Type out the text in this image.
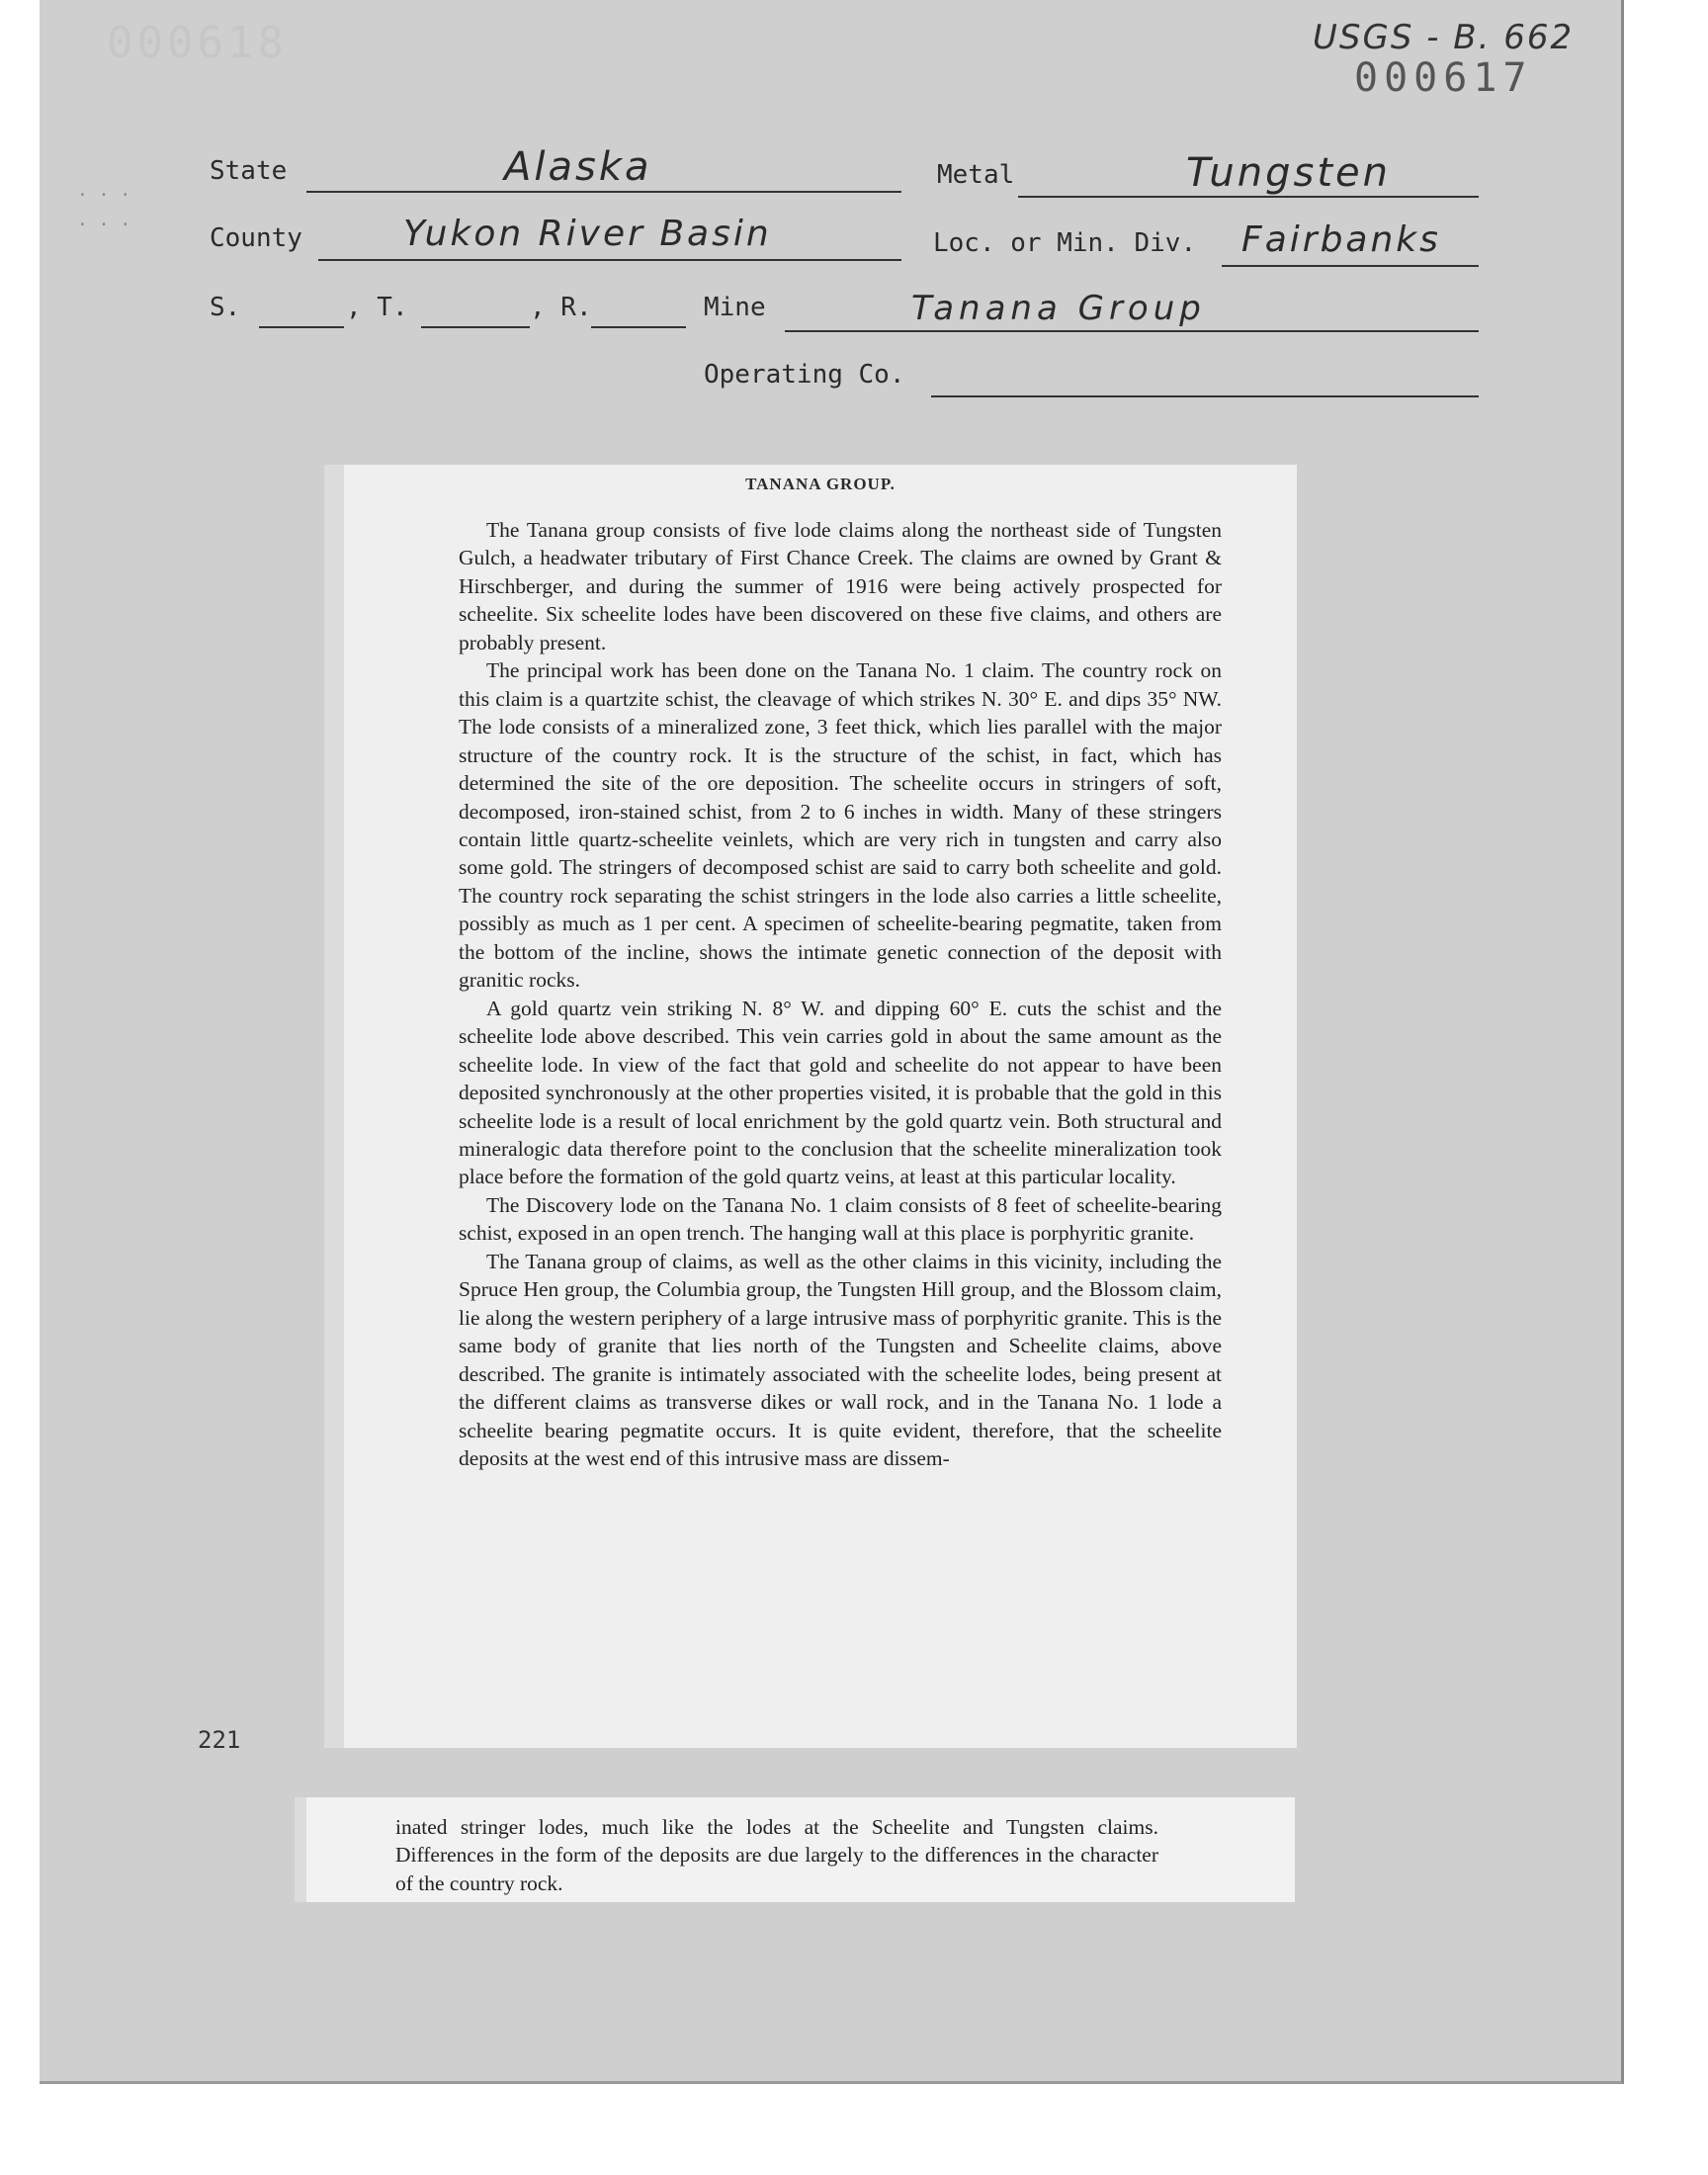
000618	USGS - B. 662
000617
. . .
. . .
State	Alaska	Metal	Tungsten
County	Yukon River Basin	Loc. or Min. Div. Fairbanks
S.	, T.	, R.	Mine	Tanana Group
Operating Co.
TANANA GROUP.

The Tanana group consists of five lode claims along the northeast side of Tungsten Gulch, a headwater tributary of First Chance Creek. The claims are owned by Grant & Hirschberger, and during the summer of 1916 were being actively prospected for scheelite. Six scheelite lodes have been discovered on these five claims, and others are probably present.

The principal work has been done on the Tanana No. 1 claim. The country rock on this claim is a quartzite schist, the cleavage of which strikes N. 30° E. and dips 35° NW. The lode consists of a mineralized zone, 3 feet thick, which lies parallel with the major structure of the country rock. It is the structure of the schist, in fact, which has determined the site of the ore deposition. The scheelite occurs in stringers of soft, decomposed, iron-stained schist, from 2 to 6 inches in width. Many of these stringers contain little quartz-scheelite veinlets, which are very rich in tungsten and carry also some gold. The stringers of decomposed schist are said to carry both scheelite and gold. The country rock separating the schist stringers in the lode also carries a little scheelite, possibly as much as 1 per cent. A specimen of scheelite-bearing pegmatite, taken from the bottom of the incline, shows the intimate genetic connection of the deposit with granitic rocks.

A gold quartz vein striking N. 8° W. and dipping 60° E. cuts the schist and the scheelite lode above described. This vein carries gold in about the same amount as the scheelite lode. In view of the fact that gold and scheelite do not appear to have been deposited synchronously at the other properties visited, it is probable that the gold in this scheelite lode is a result of local enrichment by the gold quartz vein. Both structural and mineralogic data therefore point to the conclusion that the scheelite mineralization took place before the formation of the gold quartz veins, at least at this particular locality.

The Discovery lode on the Tanana No. 1 claim consists of 8 feet of scheelite-bearing schist, exposed in an open trench. The hanging wall at this place is porphyritic granite.

The Tanana group of claims, as well as the other claims in this vicinity, including the Spruce Hen group, the Columbia group, the Tungsten Hill group, and the Blossom claim, lie along the western periphery of a large intrusive mass of porphyritic granite. This is the same body of granite that lies north of the Tungsten and Scheelite claims, above described. The granite is intimately associated with the scheelite lodes, being present at the different claims as transverse dikes or wall rock, and in the Tanana No. 1 lode a scheelite bearing pegmatite occurs. It is quite evident, therefore, that the scheelite deposits at the west end of this intrusive mass are dissem-

221
inated stringer lodes, much like the lodes at the Scheelite and Tungsten claims. Differences in the form of the deposits are due largely to the differences in the character of the country rock.
